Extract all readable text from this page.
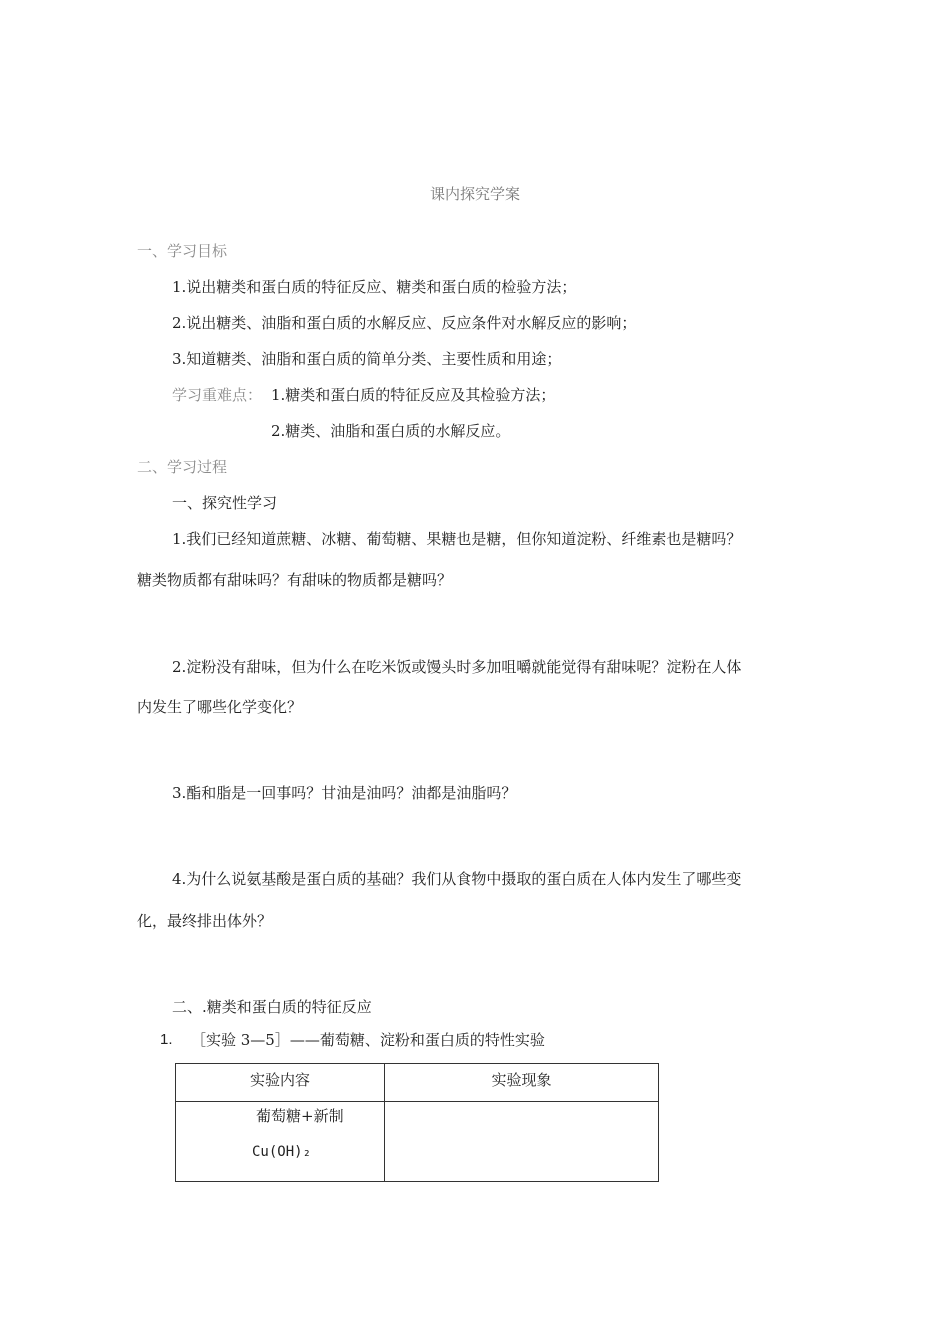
课内探究学案
一、学习目标
1.说出糖类和蛋白质的特征反应、糖类和蛋白质的检验方法；
2.说出糖类、油脂和蛋白质的水解反应、反应条件对水解反应的影响；
3.知道糖类、油脂和蛋白质的简单分类、主要性质和用途；
学习重难点： 1.糖类和蛋白质的特征反应及其检验方法；
2.糖类、油脂和蛋白质的水解反应。
二、学习过程
一、探究性学习
1.我们已经知道蔗糖、冰糖、葡萄糖、果糖也是糖，但你知道淀粉、纤维素也是糖吗？
糖类物质都有甜味吗？有甜味的物质都是糖吗？
2.淀粉没有甜味，但为什么在吃米饭或馒头时多加咀嚼就能觉得有甜味呢？淀粉在人体
内发生了哪些化学变化？
3.酯和脂是一回事吗？甘油是油吗？油都是油脂吗？
4.为什么说氨基酸是蛋白质的基础？我们从食物中摄取的蛋白质在人体内发生了哪些变
化，最终排出体外？
二、.糖类和蛋白质的特征反应
1. ［实验 3—5］——葡萄糖、淀粉和蛋白质的特性实验
实验内容	实验现象

葡萄糖+新制
Cu(OH)₂	
